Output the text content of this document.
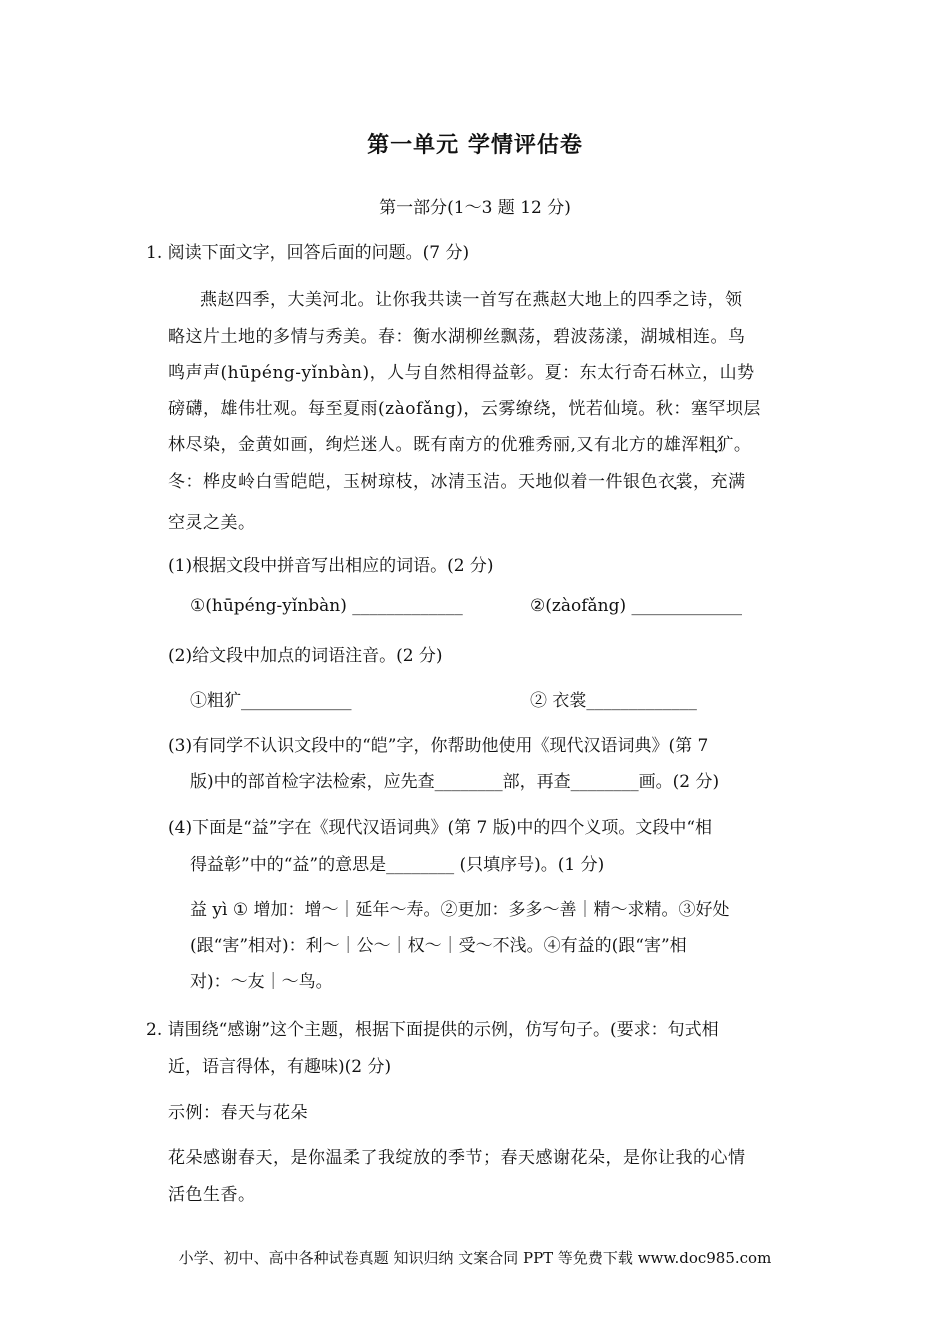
第一单元 学情评估卷
第一部分(1～3 题 12 分)
1. 阅读下面文字，回答后面的问题。(7 分)
燕赵四季，大美河北。让你我共读一首写在燕赵大地上的四季之诗，领
略这片土地的多情与秀美。春：衡水湖柳丝飘荡，碧波荡漾，湖城相连。鸟
鸣声声(hūpéng-yǐnbàn)，人与自然相得益彰。夏：东太行奇石林立，山势
磅礴，雄伟壮观。每至夏雨(zàofǎng)，云雾缭绕，恍若仙境。秋：塞罕坝层
林尽染，金黄如画，绚烂迷人。既有南方的优雅秀丽,又有北方的雄浑粗犷。
冬：桦皮岭白雪皑皑，玉树琼枝，冰清玉洁。天地似着一件银色衣裳，充满
空灵之美。
(1)根据文段中拼音写出相应的词语。(2 分)
①(hūpéng-yǐnbàn) _____________	②(zàofǎng) _____________
(2)给文段中加点的词语注音。(2 分)
①粗犷_____________	② 衣裳_____________
(3)有同学不认识文段中的“皑”字，你帮助他使用《现代汉语词典》(第 7
版)中的部首检字法检索，应先查________部，再查________画。(2 分)
(4)下面是“益”字在《现代汉语词典》(第 7 版)中的四个义项。文段中“相
得益彰”中的“益”的意思是________ (只填序号)。(1 分)
益 yì ① 增加：增～｜延年～寿。②更加：多多～善｜精～求精。③好处
(跟“害”相对)：利～｜公～｜权～｜受～不浅。④有益的(跟“害”相
对)：～友｜～鸟。
2. 请围绕“感谢”这个主题，根据下面提供的示例，仿写句子。(要求：句式相
近，语言得体，有趣味)(2 分)
示例：春天与花朵
花朵感谢春天，是你温柔了我绽放的季节；春天感谢花朵，是你让我的心情
活色生香。
小学、初中、高中各种试卷真题 知识归纳 文案合同 PPT 等免费下载 www.doc985.com
